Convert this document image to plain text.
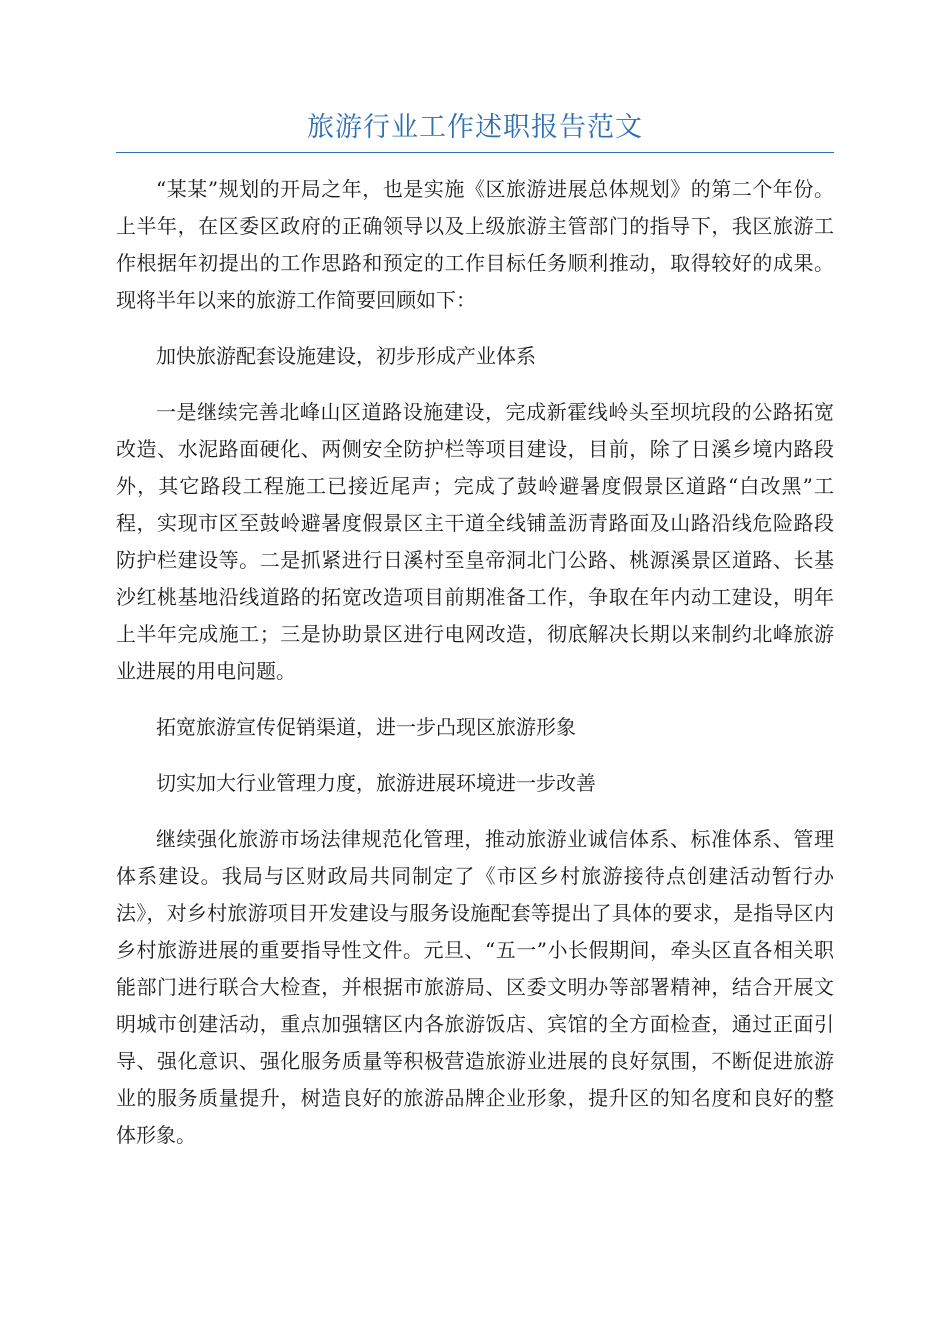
旅游行业工作述职报告范文

“某某”规划的开局之年，也是实施《区旅游进展总体规划》的第二个年份。上半年，在区委区政府的正确领导以及上级旅游主管部门的指导下，我区旅游工作根据年初提出的工作思路和预定的工作目标任务顺利推动，取得较好的成果。现将半年以来的旅游工作简要回顾如下：

加快旅游配套设施建设，初步形成产业体系

一是继续完善北峰山区道路设施建设，完成新霍线岭头至坝坑段的公路拓宽改造、水泥路面硬化、两侧安全防护栏等项目建设，目前，除了日溪乡境内路段外，其它路段工程施工已接近尾声；完成了鼓岭避暑度假景区道路“白改黑”工程，实现市区至鼓岭避暑度假景区主干道全线铺盖沥青路面及山路沿线危险路段防护栏建设等。二是抓紧进行日溪村至皇帝洞北门公路、桃源溪景区道路、长基沙红桃基地沿线道路的拓宽改造项目前期准备工作，争取在年内动工建设，明年上半年完成施工；三是协助景区进行电网改造，彻底解决长期以来制约北峰旅游业进展的用电问题。

拓宽旅游宣传促销渠道，进一步凸现区旅游形象

切实加大行业管理力度，旅游进展环境进一步改善

继续强化旅游市场法律规范化管理，推动旅游业诚信体系、标准体系、管理体系建设。我局与区财政局共同制定了《市区乡村旅游接待点创建活动暂行办法》，对乡村旅游项目开发建设与服务设施配套等提出了具体的要求，是指导区内乡村旅游进展的重要指导性文件。元旦、“五一”小长假期间，牵头区直各相关职能部门进行联合大检查，并根据市旅游局、区委文明办等部署精神，结合开展文明城市创建活动，重点加强辖区内各旅游饭店、宾馆的全方面检查，通过正面引导、强化意识、强化服务质量等积极营造旅游业进展的良好氛围，不断促进旅游业的服务质量提升，树造良好的旅游品牌企业形象，提升区的知名度和良好的整体形象。
